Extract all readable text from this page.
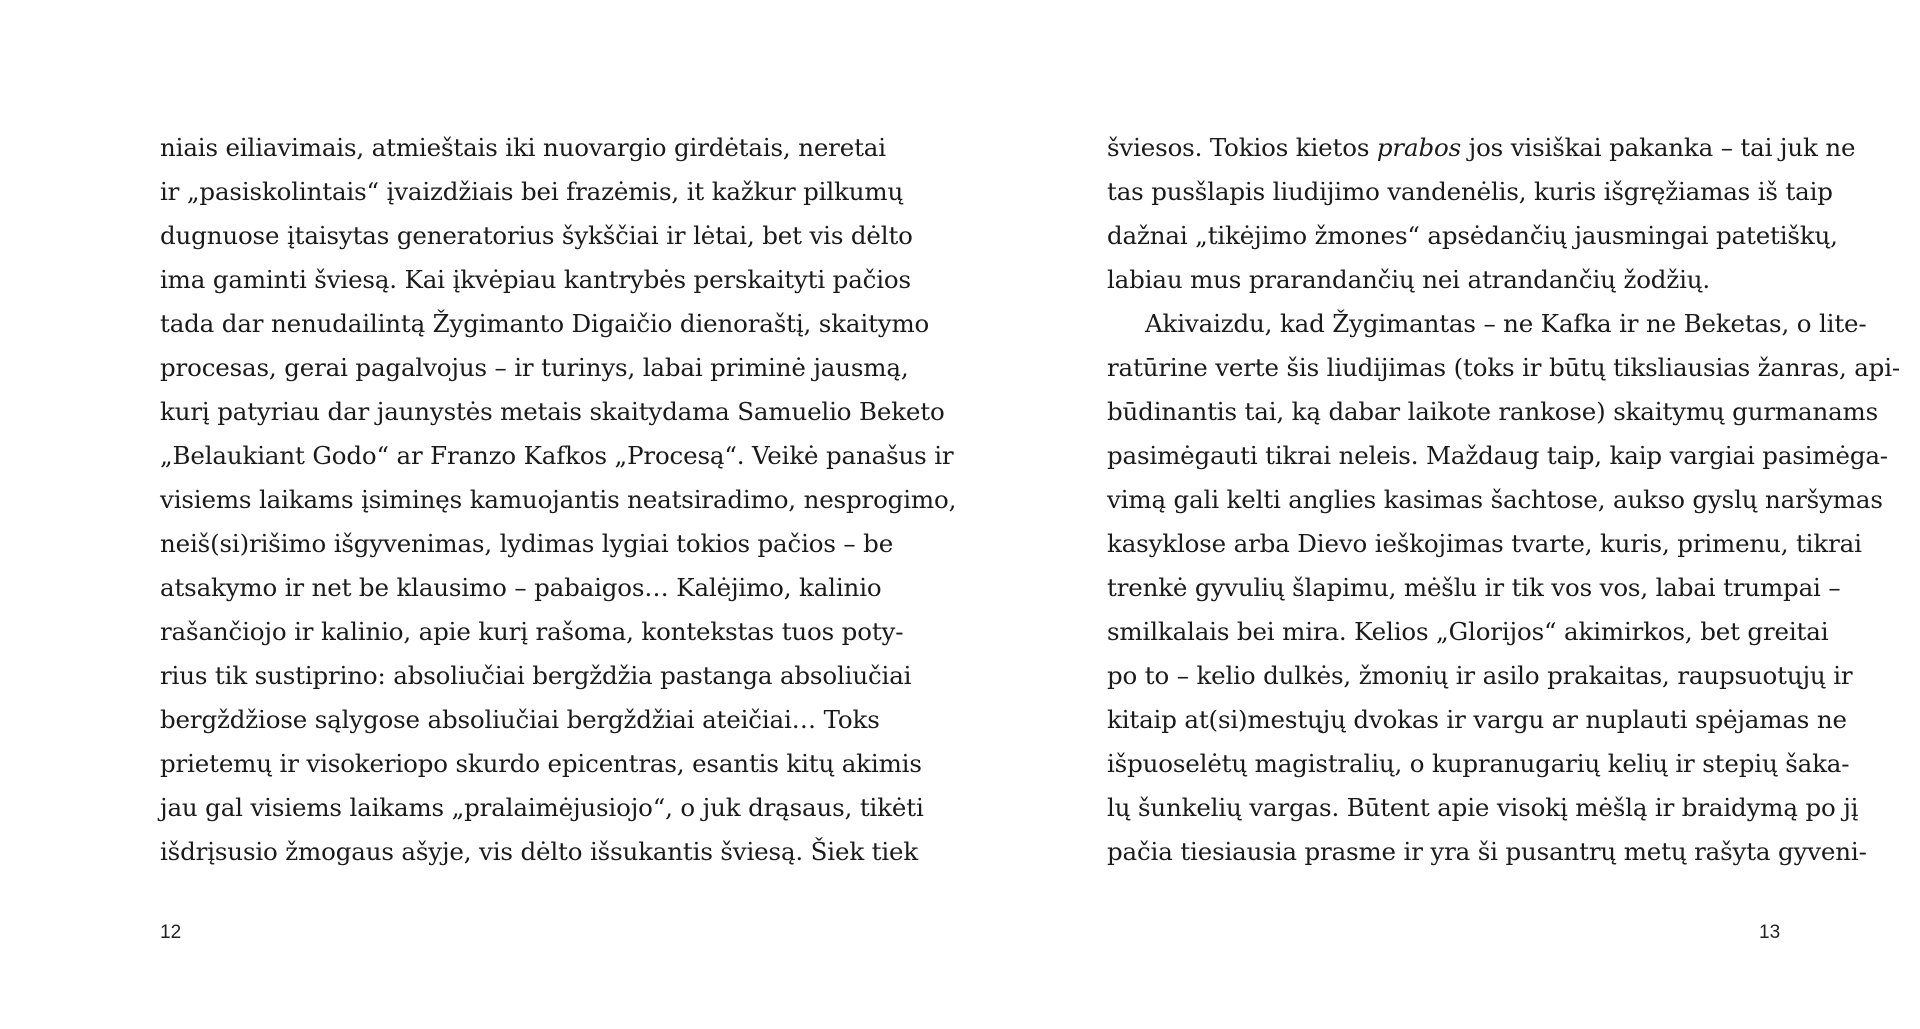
niais eiliavimais, atmieštais iki nuovargio girdėtais, neretai
ir „pasiskolintais“ įvaizdžiais bei frazėmis, it kažkur pilkumų
dugnuose įtaisytas generatorius šykščiai ir lėtai, bet vis dėlto
ima gaminti šviesą. Kai įkvėpiau kantrybės perskaityti pačios
tada dar nenudailintą Žygimanto Digaičio dienoraštį, skaitymo
procesas, gerai pagalvojus – ir turinys, labai priminė jausmą,
kurį patyriau dar jaunystės metais skaitydama Samuelio Beketo
„Belaukiant Godo“ ar Franzo Kafkos „Procesą“. Veikė panašus ir
visiems laikams įsiminęs kamuojantis neatsiradimo, nesprogimo,
neiš(si)rišimo išgyvenimas, lydimas lygiai tokios pačios – be
atsakymo ir net be klausimo – pabaigos… Kalėjimo, kalinio
rašančiojo ir kalinio, apie kurį rašoma, kontekstas tuos poty-
rius tik sustiprino: absoliučiai bergždžia pastanga absoliučiai
bergždžiose sąlygose absoliučiai bergždžiai ateičiai… Toks
prietemų ir visokeriopo skurdo epicentras, esantis kitų akimis
jau gal visiems laikams „pralaimėjusiojo“, o juk drąsaus, tikėti
išdrįsusio žmogaus ašyje, vis dėlto išsukantis šviesą. Šiek tiek
12
šviesos. Tokios kietos prabos jos visiškai pakanka – tai juk ne
tas pusšlapis liudijimo vandenėlis, kuris išgręžiamas iš taip
dažnai „tikėjimo žmones“ apsėdančių jausmingai patetiškų,
labiau mus prarandančių nei atrandančių žodžių.
Akivaizdu, kad Žygimantas – ne Kafka ir ne Beketas, o lite-
ratūrine verte šis liudijimas (toks ir būtų tiksliausias žanras, api-
būdinantis tai, ką dabar laikote rankose) skaitymų gurmanams
pasimėgauti tikrai neleis. Maždaug taip, kaip vargiai pasimėga-
vimą gali kelti anglies kasimas šachtose, aukso gyslų naršymas
kasyklose arba Dievo ieškojimas tvarte, kuris, primenu, tikrai
trenkė gyvulių šlapimu, mėšlu ir tik vos vos, labai trumpai –
smilkalais bei mira. Kelios „Glorijos“ akimirkos, bet greitai
po to – kelio dulkės, žmonių ir asilo prakaitas, raupsuotųjų ir
kitaip at(si)mestųjų dvokas ir vargu ar nuplauti spėjamas ne
išpuoselėtų magistralių, o kupranugarių kelių ir stepių šaka-
lų šunkelių vargas. Būtent apie visokį mėšlą ir braidymą po jį
pačia tiesiausia prasme ir yra ši pusantrų metų rašyta gyveni-
13
